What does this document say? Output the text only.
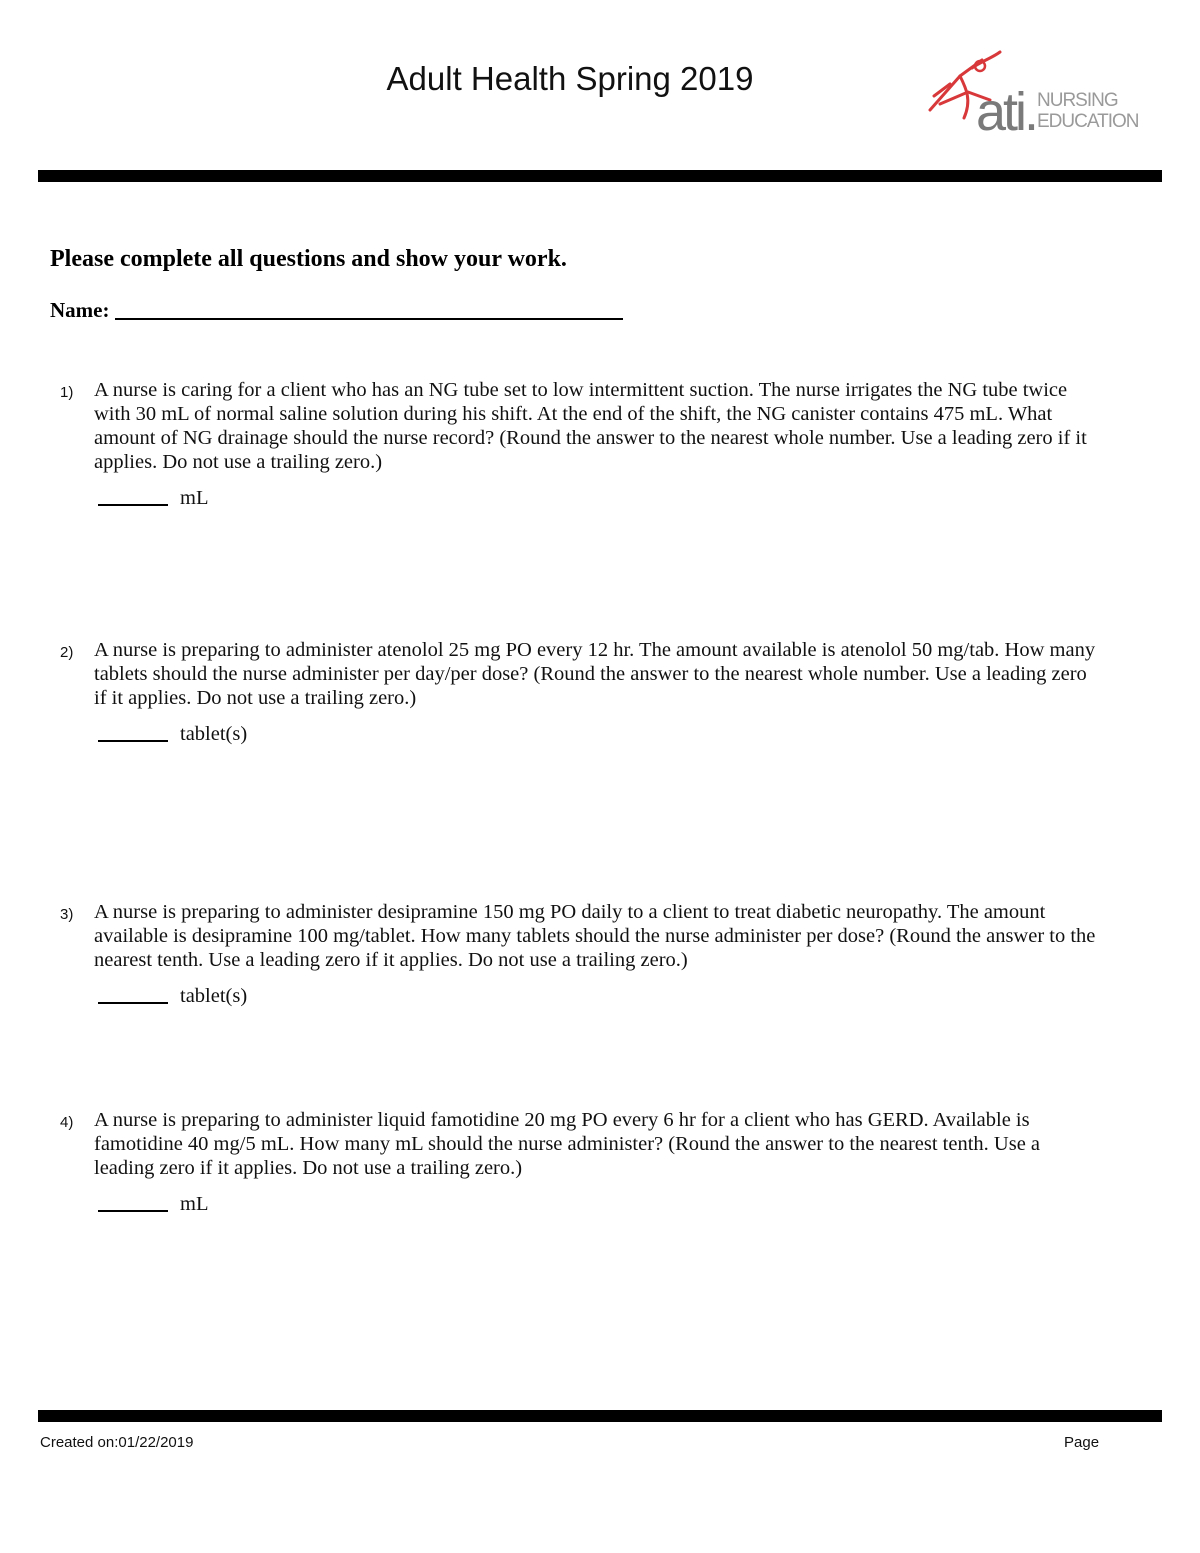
Adult Health Spring 2019
ati. NURSING
EDUCATION
Please complete all questions and show your work.
Name:
1) A nurse is caring for a client who has an NG tube set to low intermittent suction. The nurse irrigates the NG tube twice with 30 mL of normal saline solution during his shift. At the end of the shift, the NG canister contains 475 mL. What amount of NG drainage should the nurse record? (Round the answer to the nearest whole number. Use a leading zero if it applies. Do not use a trailing zero.)
mL
2) A nurse is preparing to administer atenolol 25 mg PO every 12 hr. The amount available is atenolol 50 mg/tab. How many tablets should the nurse administer per day/per dose? (Round the answer to the nearest whole number. Use a leading zero if it applies. Do not use a trailing zero.)
tablet(s)
3) A nurse is preparing to administer desipramine 150 mg PO daily to a client to treat diabetic neuropathy. The amount available is desipramine 100 mg/tablet. How many tablets should the nurse administer per dose? (Round the answer to the nearest tenth. Use a leading zero if it applies. Do not use a trailing zero.)
tablet(s)
4) A nurse is preparing to administer liquid famotidine 20 mg PO every 6 hr for a client who has GERD. Available is famotidine 40 mg/5 mL. How many mL should the nurse administer? (Round the answer to the nearest tenth. Use a leading zero if it applies. Do not use a trailing zero.)
mL
Created on:01/22/2019	Page
